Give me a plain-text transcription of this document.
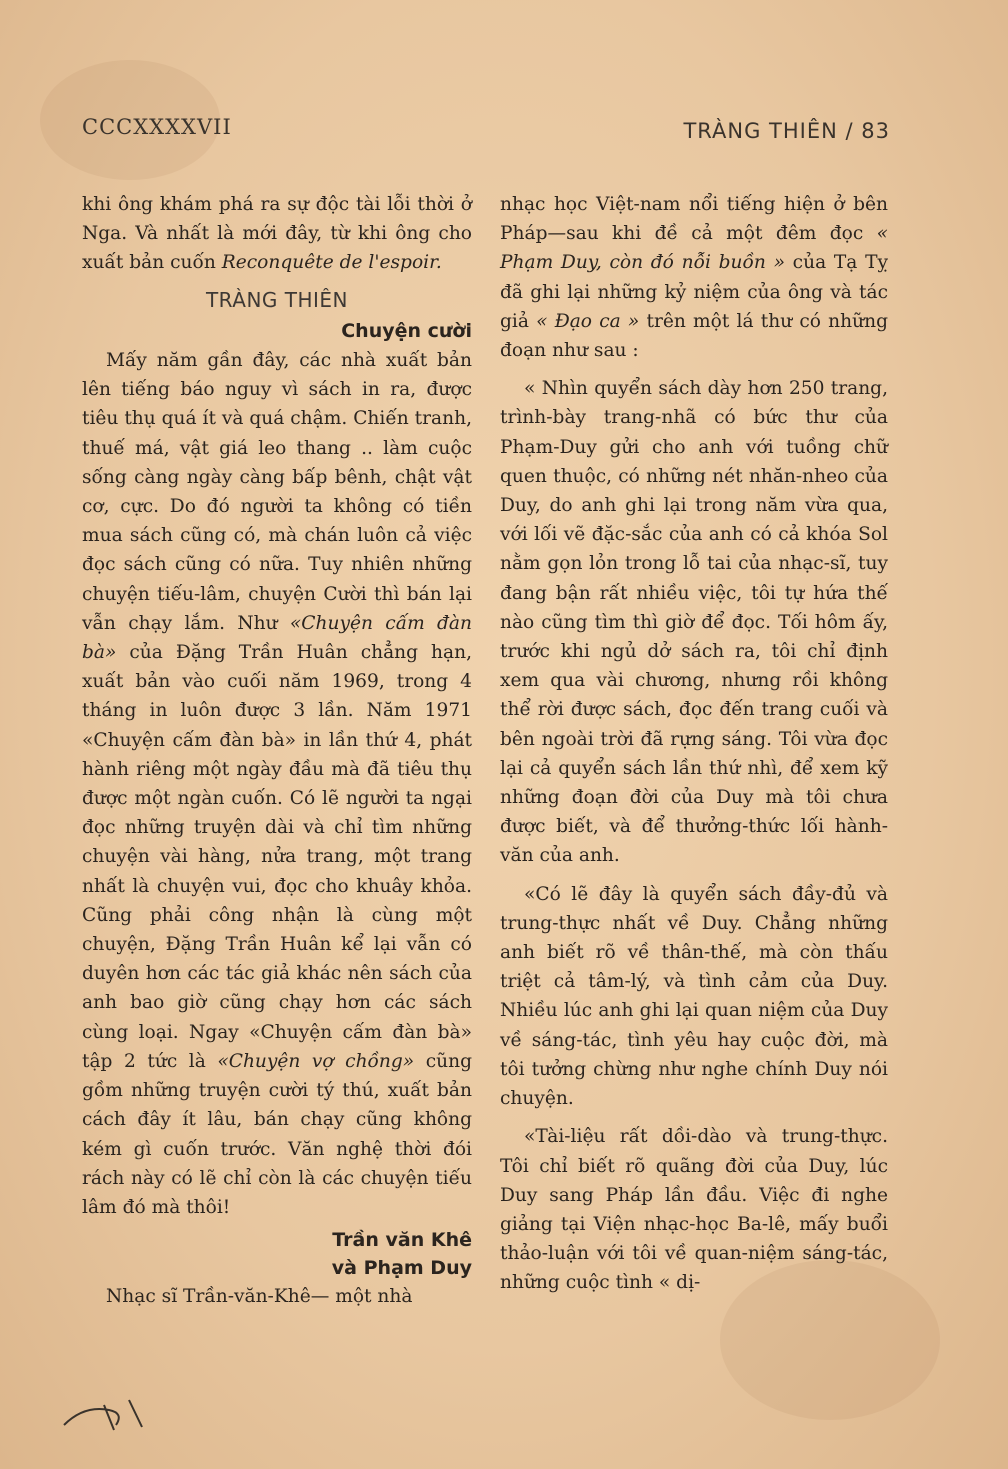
CCCXXXXVII	TRÀNG THIÊN / 83

khi ông khám phá ra sự độc tài lỗi thời ở Nga. Và nhất là mới đây, từ khi ông cho xuất bản cuốn Reconquête de l'espoir.

TRÀNG THIÊN
Chuyện cười

Mấy năm gần đây, các nhà xuất bản lên tiếng báo nguy vì sách in ra, được tiêu thụ quá ít và quá chậm. Chiến tranh, thuế má, vật giá leo thang .. làm cuộc sống càng ngày càng bấp bênh, chật vật cơ, cực. Do đó người ta không có tiền mua sách cũng có, mà chán luôn cả việc đọc sách cũng có nữa. Tuy nhiên những chuyện tiếu-lâm, chuyện Cười thì bán lại vẫn chạy lắm. Như «Chuyện cấm đàn bà» của Đặng Trần Huân chẳng hạn, xuất bản vào cuối năm 1969, trong 4 tháng in luôn được 3 lần. Năm 1971 «Chuyện cấm đàn bà» in lần thứ 4, phát hành riêng một ngày đầu mà đã tiêu thụ được một ngàn cuốn. Có lẽ người ta ngại đọc những truyện dài và chỉ tìm những chuyện vài hàng, nửa trang, một trang nhất là chuyện vui, đọc cho khuây khỏa. Cũng phải công nhận là cùng một chuyện, Đặng Trần Huân kể lại vẫn có duyên hơn các tác giả khác nên sách của anh bao giờ cũng chạy hơn các sách cùng loại. Ngay «Chuyện cấm đàn bà» tập 2 tức là «Chuyện vợ chồng» cũng gồm những truyện cười tý thú, xuất bản cách đây ít lâu, bán chạy cũng không kém gì cuốn trước. Văn nghệ thời đói rách này có lẽ chỉ còn là các chuyện tiếu lâm đó mà thôi!

Trần văn Khê

và Phạm Duy

Nhạc sĩ Trần-văn-Khê— một nhà

nhạc học Việt-nam nổi tiếng hiện ở bên Pháp—sau khi đề cả một đêm đọc « Phạm Duy, còn đó nỗi buồn » của Tạ Tỵ đã ghi lại những kỷ niệm của ông và tác giả « Đạo ca » trên một lá thư có những đoạn như sau :

« Nhìn quyển sách dày hơn 250 trang, trình-bày trang-nhã có bức thư của Phạm-Duy gửi cho anh với tuồng chữ quen thuộc, có những nét nhăn-nheo của Duy, do anh ghi lại trong năm vừa qua, với lối vẽ đặc-sắc của anh có cả khóa Sol nằm gọn lỏn trong lỗ tai của nhạc-sĩ, tuy đang bận rất nhiều việc, tôi tự hứa thế nào cũng tìm thì giờ để đọc. Tối hôm ấy, trước khi ngủ dở sách ra, tôi chỉ định xem qua vài chương, nhưng rồi không thể rời được sách, đọc đến trang cuối và bên ngoài trời đã rựng sáng. Tôi vừa đọc lại cả quyển sách lần thứ nhì, để xem kỹ những đoạn đời của Duy mà tôi chưa được biết, và để thưởng-thức lối hành-văn của anh.

«Có lẽ đây là quyển sách đầy-đủ và trung-thực nhất về Duy. Chẳng những anh biết rõ về thân-thế, mà còn thấu triệt cả tâm-lý, và tình cảm của Duy. Nhiều lúc anh ghi lại quan niệm của Duy về sáng-tác, tình yêu hay cuộc đời, mà tôi tưởng chừng như nghe chính Duy nói chuyện.

«Tài-liệu rất dồi-dào và trung-thực. Tôi chỉ biết rõ quãng đời của Duy, lúc Duy sang Pháp lần đầu. Việc đi nghe giảng tại Viện nhạc-học Ba-lê, mấy buổi thảo-luận với tôi về quan-niệm sáng-tác, những cuộc tình « dị-
